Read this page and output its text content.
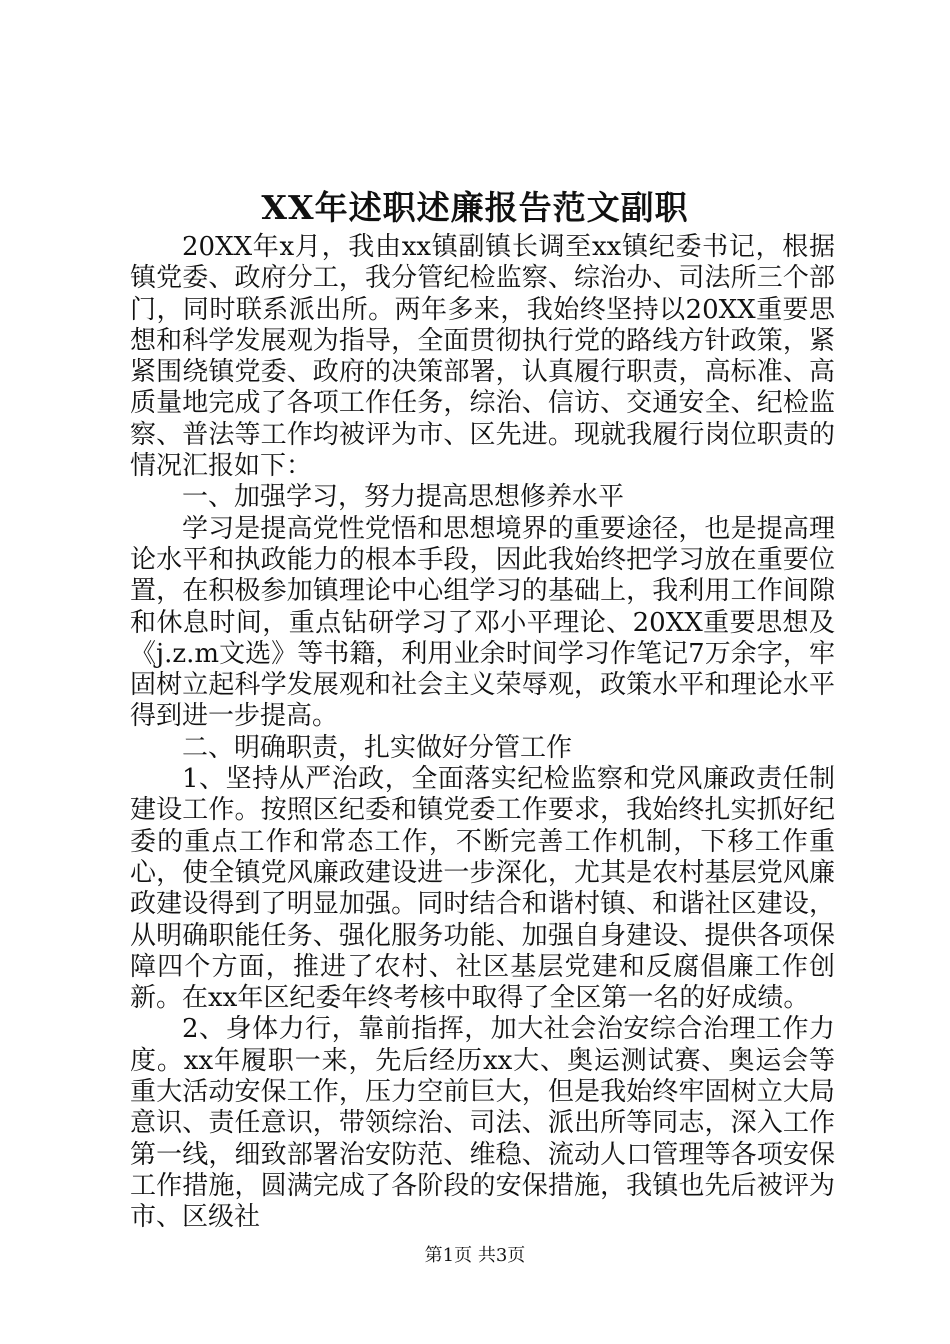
XX年述职述廉报告范文副职

20XX年x月，我由xx镇副镇长调至xx镇纪委书记，根据镇党委、政府分工，我分管纪检监察、综治办、司法所三个部门，同时联系派出所。两年多来，我始终坚持以20XX重要思想和科学发展观为指导，全面贯彻执行党的路线方针政策，紧紧围绕镇党委、政府的决策部署，认真履行职责，高标准、高质量地完成了各项工作任务，综治、信访、交通安全、纪检监察、普法等工作均被评为市、区先进。现就我履行岗位职责的情况汇报如下：

一、加强学习，努力提高思想修养水平

学习是提高党性党悟和思想境界的重要途径，也是提高理论水平和执政能力的根本手段，因此我始终把学习放在重要位置，在积极参加镇理论中心组学习的基础上，我利用工作间隙和休息时间，重点钻研学习了邓小平理论、20XX重要思想及《j.z.m文选》等书籍，利用业余时间学习作笔记7万余字，牢固树立起科学发展观和社会主义荣辱观，政策水平和理论水平得到进一步提高。

二、明确职责，扎实做好分管工作

1、坚持从严治政，全面落实纪检监察和党风廉政责任制建设工作。按照区纪委和镇党委工作要求，我始终扎实抓好纪委的重点工作和常态工作，不断完善工作机制，下移工作重心，使全镇党风廉政建设进一步深化，尤其是农村基层党风廉政建设得到了明显加强。同时结合和谐村镇、和谐社区建设，从明确职能任务、强化服务功能、加强自身建设、提供各项保障四个方面，推进了农村、社区基层党建和反腐倡廉工作创新。在xx年区纪委年终考核中取得了全区第一名的好成绩。

2、身体力行，靠前指挥，加大社会治安综合治理工作力度。xx年履职一来，先后经历xx大、奥运测试赛、奥运会等重大活动安保工作，压力空前巨大，但是我始终牢固树立大局意识、责任意识，带领综治、司法、派出所等同志，深入工作第一线，细致部署治安防范、维稳、流动人口管理等各项安保工作措施，圆满完成了各阶段的安保措施，我镇也先后被评为市、区级社

第1页 共3页
